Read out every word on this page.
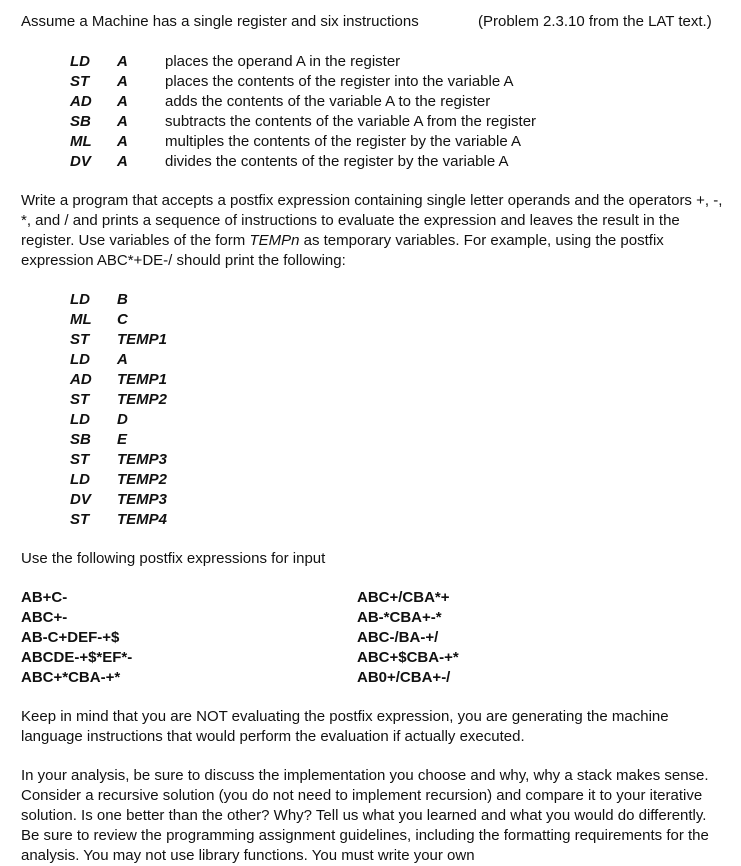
Assume a Machine has a single register and six instructions	(Problem 2.3.10 from the LAT text.)
LD A places the operand A in the register
ST A places the contents of the register into the variable A
AD A adds the contents of the variable A to the register
SB A subtracts the contents of the variable A from the register
ML A multiples the contents of the register by the variable A
DV A divides the contents of the register by the variable A
Write a program that accepts a postfix expression containing single letter operands and the operators +, -, *, and / and prints a sequence of instructions to evaluate the expression and leaves the result in the register. Use variables of the form TEMPn as temporary variables. For example, using the postfix expression ABC*+DE-/ should print the following:
LD B
ML C
ST TEMP1
LD A
AD TEMP1
ST TEMP2
LD D
SB E
ST TEMP3
LD TEMP2
DV TEMP3
ST TEMP4
Use the following postfix expressions for input
AB+C-
ABC+-
AB-C+DEF-+$
ABCDE-+$*EF*-
ABC+*CBA-+*
ABC+/CBA*+
AB-*CBA+-*
ABC-/BA-+/
ABC+$CBA-+*
AB0+/CBA+-/
Keep in mind that you are NOT evaluating the postfix expression, you are generating the machine language instructions that would perform the evaluation if actually executed.
In your analysis, be sure to discuss the implementation you choose and why, why a stack makes sense. Consider a recursive solution (you do not need to implement recursion) and compare it to your iterative solution. Is one better than the other? Why? Tell us what you learned and what you would do differently. Be sure to review the programming assignment guidelines, including the formatting requirements for the analysis. You may not use library functions. You must write your own
